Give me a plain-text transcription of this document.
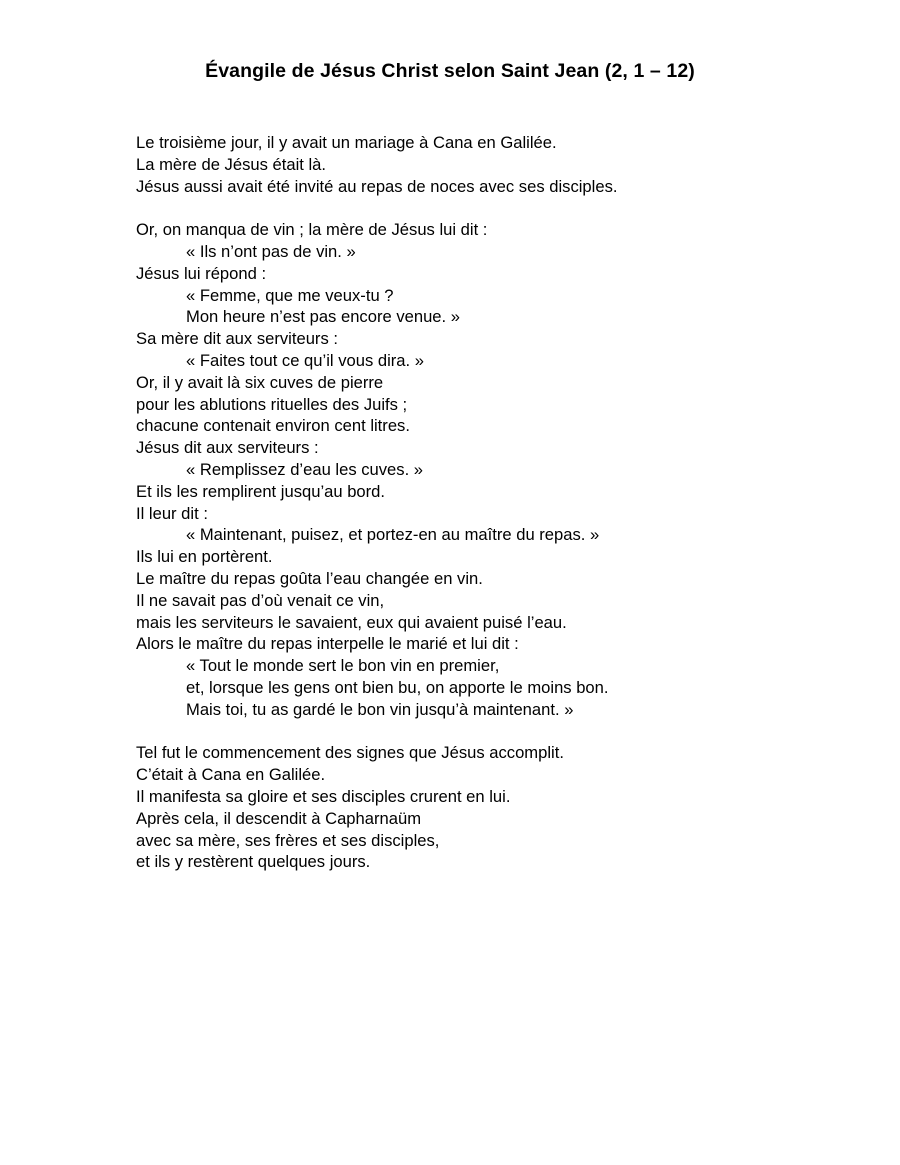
Évangile de Jésus Christ selon Saint Jean (2, 1 – 12)
Le troisième jour, il y avait un mariage à Cana en Galilée.
La mère de Jésus était là.
Jésus aussi avait été invité au repas de noces avec ses disciples.
Or, on manqua de vin ; la mère de Jésus lui dit :
« Ils n’ont pas de vin. »
Jésus lui répond :
« Femme, que me veux-tu ?
Mon heure n’est pas encore venue. »
Sa mère dit aux serviteurs :
« Faites tout ce qu’il vous dira. »
Or, il y avait là six cuves de pierre
pour les ablutions rituelles des Juifs ;
chacune contenait environ cent litres.
Jésus dit aux serviteurs :
« Remplissez d’eau les cuves. »
Et ils les remplirent jusqu’au bord.
Il leur dit :
« Maintenant, puisez, et portez-en au maître du repas. »
Ils lui en portèrent.
Le maître du repas goûta l’eau changée en vin.
Il ne savait pas d’où venait ce vin,
mais les serviteurs le savaient, eux qui avaient puisé l’eau.
Alors le maître du repas interpelle le marié et lui dit :
« Tout le monde sert le bon vin en premier,
et, lorsque les gens ont bien bu, on apporte le moins bon.
Mais toi, tu as gardé le bon vin jusqu’à maintenant. »
Tel fut le commencement des signes que Jésus accomplit.
C’était à Cana en Galilée.
Il manifesta sa gloire et ses disciples crurent en lui.
Après cela, il descendit à Capharnaüm
avec sa mère, ses frères et ses disciples,
et ils y restèrent quelques jours.
